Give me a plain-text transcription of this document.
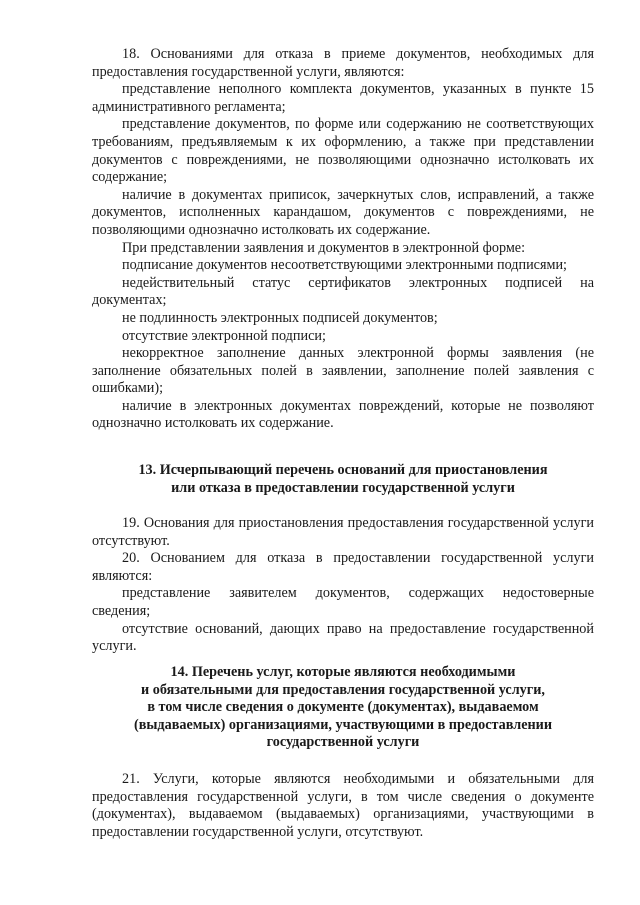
18. Основаниями для отказа в приеме документов, необходимых для предоставления государственной услуги, являются:

представление неполного комплекта документов, указанных в пункте 15 административного регламента;

представление документов, по форме или содержанию не соответствующих требованиям, предъявляемым к их оформлению, а также при представлении документов с повреждениями, не позволяющими однозначно истолковать их содержание;

наличие в документах приписок, зачеркнутых слов, исправлений, а также документов, исполненных карандашом, документов с повреждениями, не позволяющими однозначно истолковать их содержание.

При представлении заявления и документов в электронной форме:

подписание документов несоответствующими электронными подписями;

недействительный статус сертификатов электронных подписей на документах;

не подлинность электронных подписей документов;

отсутствие электронной подписи;

некорректное заполнение данных электронной формы заявления (не заполнение обязательных полей в заявлении, заполнение полей заявления с ошибками);

наличие в электронных документах повреждений, которые не позволяют однозначно истолковать их содержание.

13. Исчерпывающий перечень оснований для приостановления

или отказа в предоставлении государственной услуги

19. Основания для приостановления предоставления государственной услуги отсутствуют.

20. Основанием для отказа в предоставлении государственной услуги являются:

представление заявителем документов, содержащих недостоверные сведения;

отсутствие оснований, дающих право на предоставление государственной услуги.

14. Перечень услуг, которые являются необходимыми

и обязательными для предоставления государственной услуги,

в том числе сведения о документе (документах), выдаваемом

(выдаваемых) организациями, участвующими в предоставлении

государственной услуги

21. Услуги, которые являются необходимыми и обязательными для предоставления государственной услуги, в том числе сведения о документе (документах), выдаваемом (выдаваемых) организациями, участвующими в предоставлении государственной услуги, отсутствуют.
